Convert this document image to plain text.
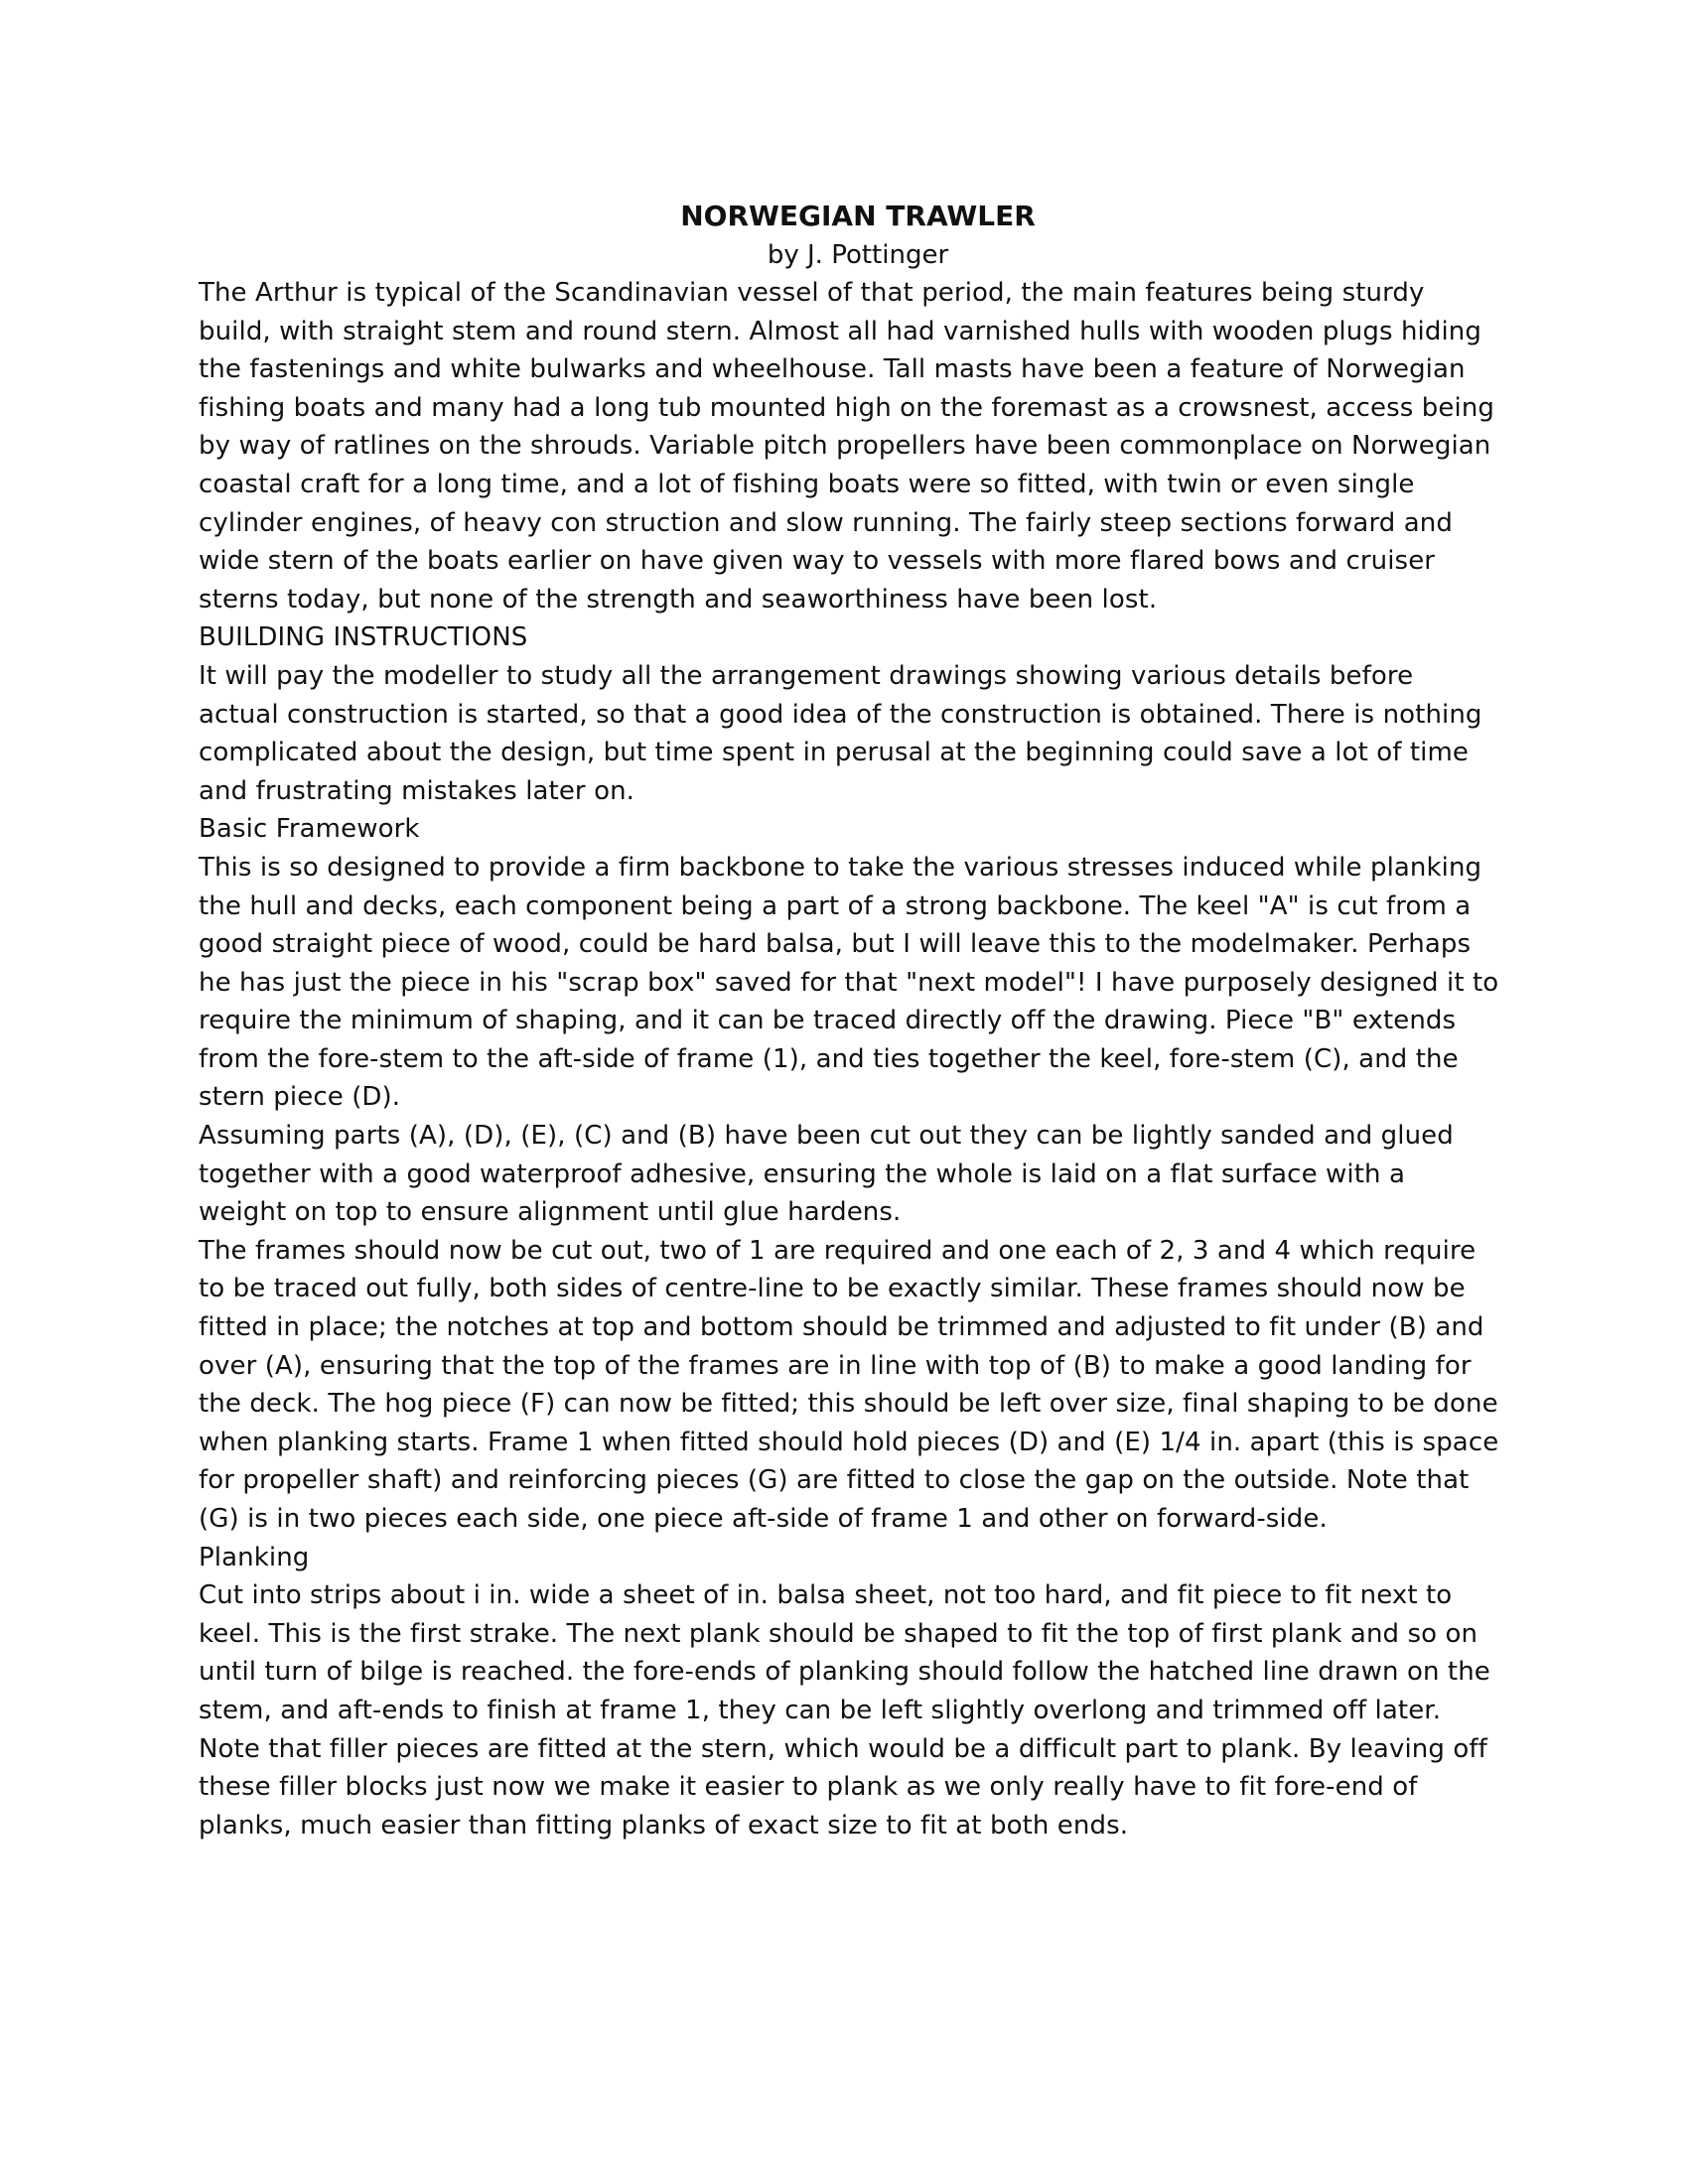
NORWEGIAN TRAWLER

by J. Pottinger

The Arthur is typical of the Scandinavian vessel of that period, the main features being sturdy build, with straight stem and round stern. Almost all had varnished hulls with wooden plugs hiding the fastenings and white bulwarks and wheelhouse. Tall masts have been a feature of Norwegian fishing boats and many had a long tub mounted high on the foremast as a crowsnest, access being by way of ratlines on the shrouds. Variable pitch propellers have been commonplace on Norwegian coastal craft for a long time, and a lot of fishing boats were so fitted, with twin or even single cylinder engines, of heavy con struction and slow running. The fairly steep sections forward and wide stern of the boats earlier on have given way to vessels with more flared bows and cruiser sterns today, but none of the strength and seaworthiness have been lost.

BUILDING INSTRUCTIONS

It will pay the modeller to study all the arrangement drawings showing various details before actual construction is started, so that a good idea of the construction is obtained. There is nothing complicated about the design, but time spent in perusal at the beginning could save a lot of time and frustrating mistakes later on.

Basic Framework

This is so designed to provide a firm backbone to take the various stresses induced while planking the hull and decks, each component being a part of a strong backbone. The keel "A" is cut from a good straight piece of wood, could be hard balsa, but I will leave this to the modelmaker. Perhaps he has just the piece in his "scrap box" saved for that "next model"! I have purposely designed it to require the minimum of shaping, and it can be traced directly off the drawing. Piece "B" extends from the fore-stem to the aft-side of frame (1), and ties together the keel, fore-stem (C), and the stern piece (D).

Assuming parts (A), (D), (E), (C) and (B) have been cut out they can be lightly sanded and glued together with a good waterproof adhesive, ensuring the whole is laid on a flat surface with a weight on top to ensure alignment until glue hardens.

The frames should now be cut out, two of 1 are required and one each of 2, 3 and 4 which require to be traced out fully, both sides of centre-line to be exactly similar. These frames should now be fitted in place; the notches at top and bottom should be trimmed and adjusted to fit under (B) and over (A), ensuring that the top of the frames are in line with top of (B) to make a good landing for the deck. The hog piece (F) can now be fitted; this should be left over size, final shaping to be done when planking starts. Frame 1 when fitted should hold pieces (D) and (E) 1/4 in. apart (this is space for propeller shaft) and reinforcing pieces (G) are fitted to close the gap on the outside. Note that (G) is in two pieces each side, one piece aft-side of frame 1 and other on forward-side.

Planking

Cut into strips about i in. wide a sheet of in. balsa sheet, not too hard, and fit piece to fit next to keel. This is the first strake. The next plank should be shaped to fit the top of first plank and so on until turn of bilge is reached. the fore-ends of planking should follow the hatched line drawn on the stem, and aft-ends to finish at frame 1, they can be left slightly overlong and trimmed off later. Note that filler pieces are fitted at the stern, which would be a difficult part to plank. By leaving off these filler blocks just now we make it easier to plank as we only really have to fit fore-end of planks, much easier than fitting planks of exact size to fit at both ends.
